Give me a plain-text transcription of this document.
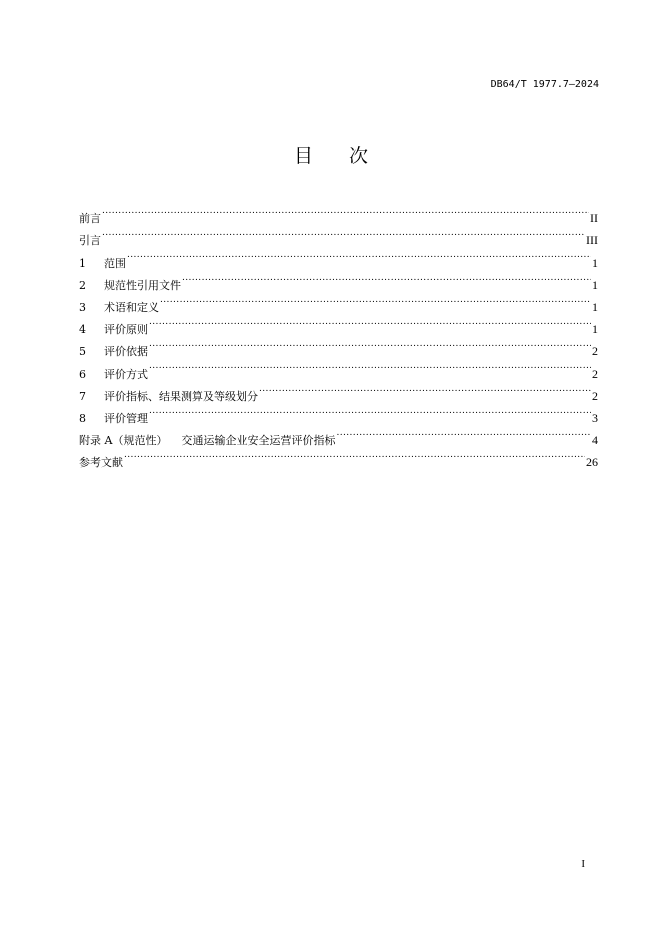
DB64/T 1977.7—2024
目 次
前言 .....	II
引言 .....	III
1	范围 .....	1
2	规范性引用文件 .....	1
3	术语和定义 .....	1
4	评价原则 .....	1
5	评价依据 .....	2
6	评价方式 .....	2
7	评价指标、结果测算及等级划分 .....	2
8	评价管理 .....	3
附录 A（规范性） 交通运输企业安全运营评价指标 .....	4
参考文献 .....	26
I
